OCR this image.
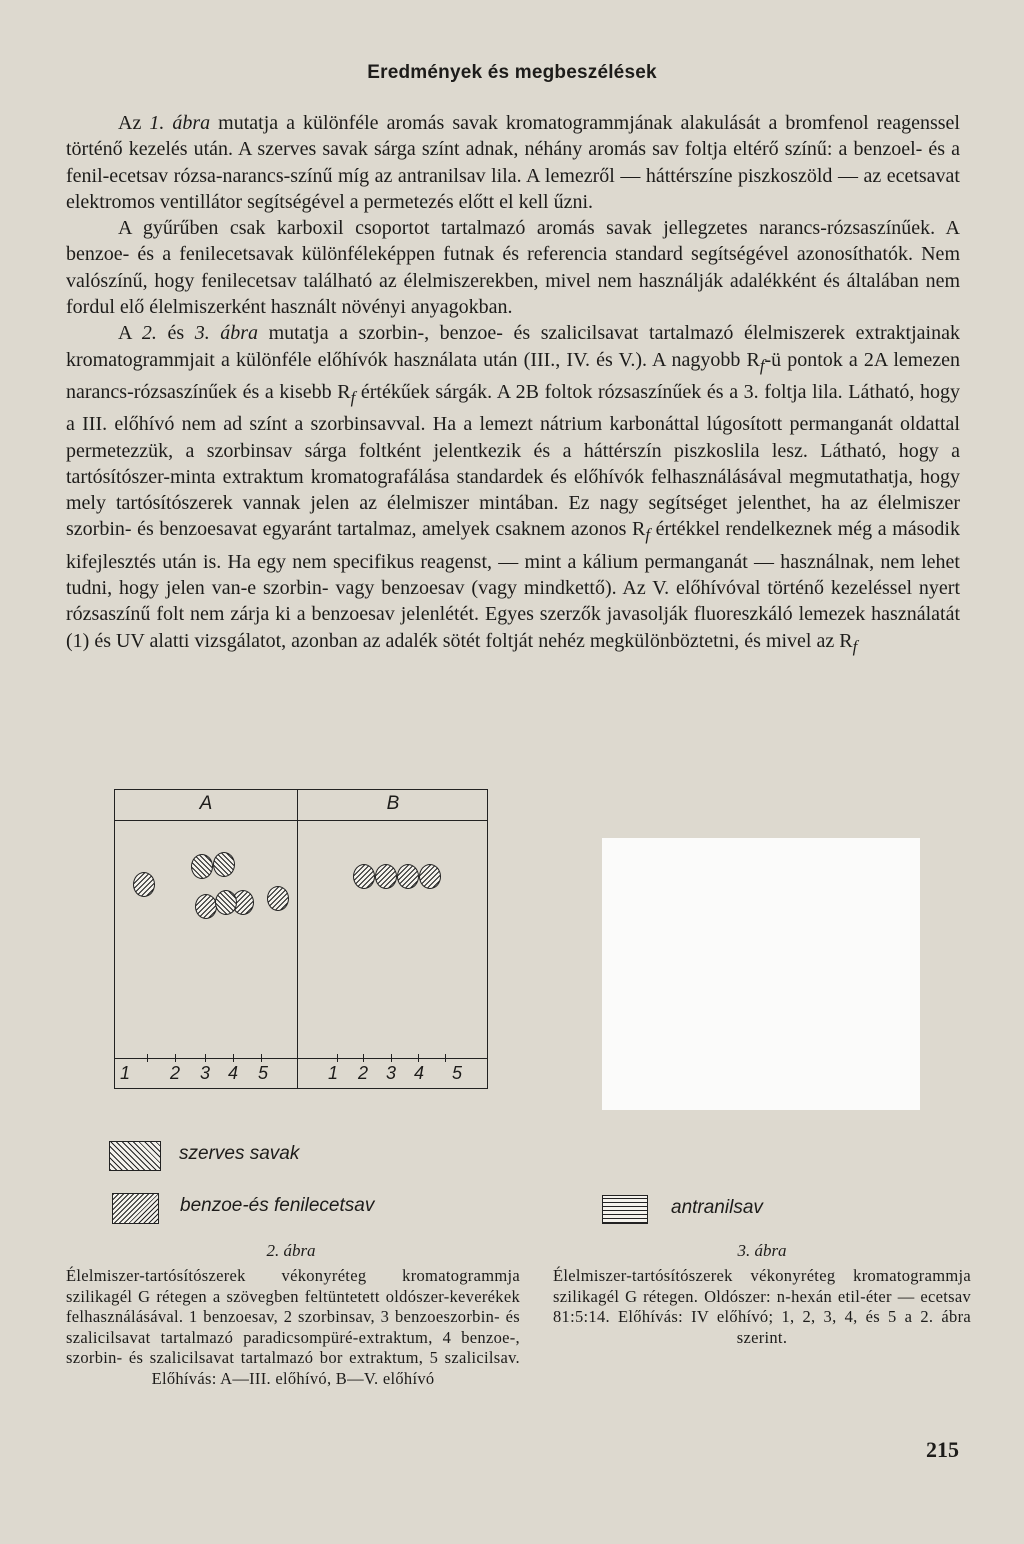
Eredmények és megbeszélések

Az 1. ábra mutatja a különféle aromás savak kromatogrammjának alakulását a bromfenol reagenssel történő kezelés után. A szerves savak sárga színt adnak, néhány aromás sav foltja eltérő színű: a benzoel- és a fenil-ecetsav rózsa-narancs-színű míg az antranilsav lila. A lemezről — háttérszíne piszkoszöld — az ecetsavat elektromos ventillátor segítségével a permetezés előtt el kell űzni.

A gyűrűben csak karboxil csoportot tartalmazó aromás savak jellegzetes narancs-rózsaszínűek. A benzoe- és a fenilecetsavak különféleképpen futnak és referencia standard segítségével azonosíthatók. Nem valószínű, hogy fenilecetsav található az élelmiszerekben, mivel nem használják adalékként és általában nem fordul elő élelmiszerként használt növényi anyagokban.

A 2. és 3. ábra mutatja a szorbin-, benzoe- és szalicilsavat tartalmazó élelmiszerek extraktjainak kromatogrammjait a különféle előhívók használata után (III., IV. és V.). A nagyobb $R_f-ü$ pontok a 2A lemezen narancs-rózsaszínűek és a kisebb $R_f$ értékűek sárgák. A 2B foltok rózsaszínűek és a 3. foltja lila. Látható, hogy a III. előhívó nem ad színt a szorbinsavval. Ha a lemezt nátrium karbonáttal lúgosított permanganát oldattal permetezzük, a szorbinsav sárga foltként jelentkezik és a háttérszín piszkoslila lesz. Látható, hogy a tartósítószer-minta extraktum kromatografálása standardek és előhívók felhasználásával megmutathatja, hogy mely tartósítószerek vannak jelen az élelmiszer mintában. Ez nagy segítséget jelenthet, ha az élelmiszer szorbin- és benzoesavat egyaránt tartalmaz, amelyek csaknem azonos $R_f$ értékkel rendelkeznek még a második kifejlesztés után is. Ha egy nem specifikus reagenst, — mint a kálium permanganát — használnak, nem lehet tudni, hogy jelen van-e szorbin- vagy benzoesav (vagy mindkettő). Az V. előhívóval történő kezeléssel nyert rózsaszínű folt nem zárja ki a benzoesav jelenlétét. Egyes szerzők javasolják fluoreszkáló lemezek használatát (1) és UV alatti vizsgálatot, azonban az adalék sötét foltját nehéz megkülönböztetni, és mivel az $R_f$

A	B
1 2 3 4 5	1 2 3 4 5
szerves savak
benzoe-és fenilecetsav	antranilsav
2. ábra
Élelmiszer-tartósítószerek vékonyréteg kromatogrammja szilikagél G rétegen a szövegben feltüntetett oldószer-keverékek felhasználásával. 1 benzoesav, 2 szorbinsav, 3 benzoeszorbin- és szalicilsavat tartalmazó paradicsompüré-extraktum, 4 benzoe-, szorbin- és szalicilsavat tartalmazó bor extraktum, 5 szalicilsav. Előhívás: A—III. előhívó, B—V. előhívó
3. ábra
Élelmiszer-tartósítószerek vékonyréteg kromatogrammja szilikagél G rétegen. Oldószer: n-hexán etil-éter — ecetsav 81:5:14. Előhívás: IV előhívó; 1, 2, 3, 4, és 5 a 2. ábra szerint.
215
